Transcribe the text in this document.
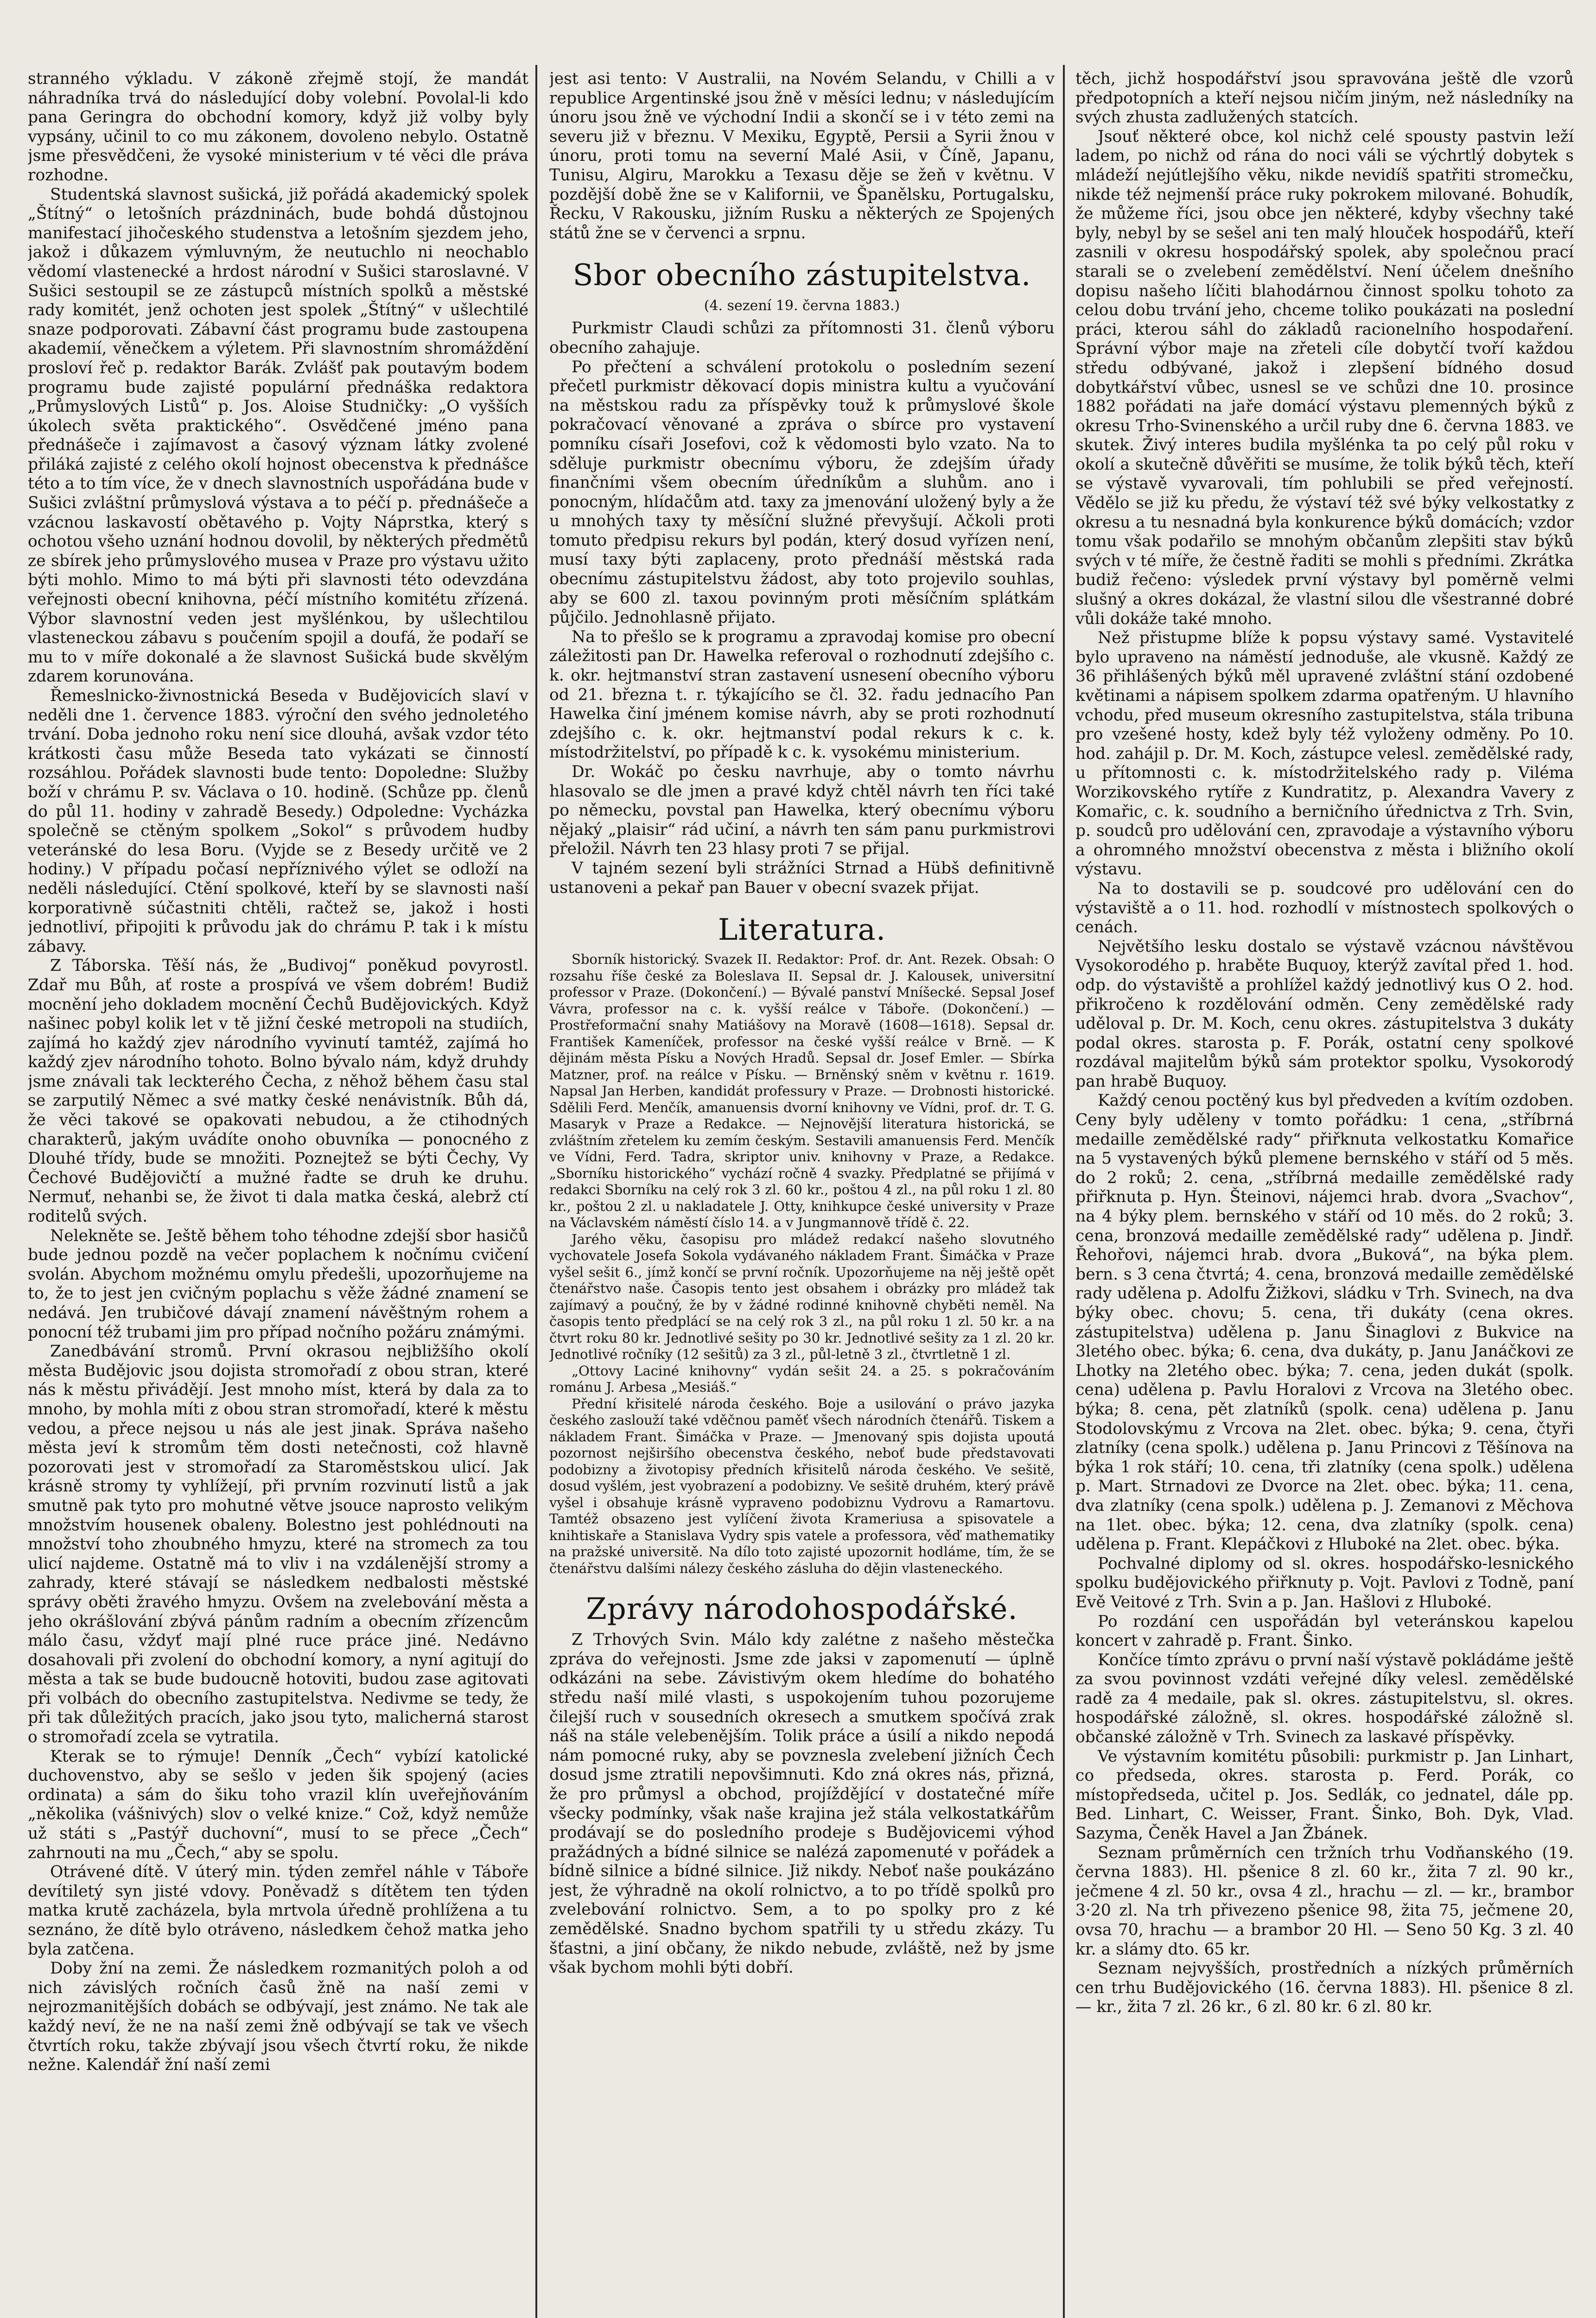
stranného výkladu. V zákoně zřejmě stojí, že mandát náhradníka trvá do následující doby volební. Povolal-li kdo pana Geringra do obchodní komory, když již volby byly vypsány, učinil to co mu zákonem, dovoleno nebylo. Ostatně jsme přesvědčeni, že vysoké ministerium v té věci dle práva rozhodne.

Studentská slavnost sušická, již pořádá akademický spolek „Štítný“ o letošních prázdninách, bude bohdá důstojnou manifestací jihočeského studenstva a letošním sjezdem jeho, jakož i důkazem výmluvným, že neutuchlo ni neochablo vědomí vlastenecké a hrdost národní v Sušici staroslavné. V Sušici sestoupil se ze zástupců místních spolků a městské rady komitét, jenž ochoten jest spolek „Štítný“ v ušlechtilé snaze podporovati. Zábavní část programu bude zastoupena akademií, věnečkem a výletem. Při slavnostním shromáždění prosloví řeč p. redaktor Barák. Zvlášť pak poutavým bodem programu bude zajisté populární přednáška redaktora „Průmyslových Listů“ p. Jos. Aloise Studničky: „O vyšších úkolech světa praktického“. Osvědčené jméno pana přednášeče i zajímavost a časový význam látky zvolené přiláká zajisté z celého okolí hojnost obecenstva k přednášce této a to tím více, že v dnech slavnostních uspořádána bude v Sušici zvláštní průmyslová výstava a to péčí p. přednášeče a vzácnou laskavostí obětavého p. Vojty Náprstka, který s ochotou všeho uznání hodnou dovolil, by některých předmětů ze sbírek jeho průmyslového musea v Praze pro výstavu užito býti mohlo. Mimo to má býti při slavnosti této odevzdána veřejnosti obecní knihovna, péčí místního komitétu zřízená. Výbor slavnostní veden jest myšlénkou, by ušlechtilou vlasteneckou zábavu s poučením spojil a doufá, že podaří se mu to v míře dokonalé a že slavnost Sušická bude skvělým zdarem korunována.

Řemeslnicko-živnostnická Beseda v Budějovicích slaví v neděli dne 1. července 1883. výroční den svého jednoletého trvání. Doba jednoho roku není sice dlouhá, avšak vzdor této krátkosti času může Beseda tato vykázati se činností rozsáhlou. Pořádek slavnosti bude tento: Dopoledne: Služby boží v chrámu P. sv. Václava o 10. hodině. (Schůze pp. členů do půl 11. hodiny v zahradě Besedy.) Odpoledne: Vycházka společně se ctěným spolkem „Sokol“ s průvodem hudby veteránské do lesa Boru. (Vyjde se z Besedy určitě ve 2 hodiny.) V případu počasí nepříznivého výlet se odloží na neděli následující. Ctění spolkové, kteří by se slavnosti naší korporativně súčastniti chtěli, račtež se, jakož i hosti jednotliví, připojiti k průvodu jak do chrámu P. tak i k místu zábavy.

Z Táborska. Těší nás, že „Budivoj“ poněkud povyrostl. Zdař mu Bůh, ať roste a prospívá ve všem dobrém! Budiž mocnění jeho dokladem mocnění Čechů Budějovických. Když našinec pobyl kolik let v tě jižní české metropoli na studiích, zajímá ho každý zjev národního vyvinutí tamtéž, zajímá ho každý zjev národního tohoto. Bolno bývalo nám, když druhdy jsme znávali tak leckterého Čecha, z něhož během času stal se zarputilý Němec a své matky české nenávistník. Bůh dá, že věci takové se opakovati nebudou, a že ctihodných charakterů, jakým uvádíte onoho obuvníka — ponocného z Dlouhé třídy, bude se množiti. Poznejtež se býti Čechy, Vy Čechové Budějovičtí a mužné řadte se druh ke druhu. Nermuť, nehanbi se, že život ti dala matka česká, alebrž ctí roditelů svých.

Nelekněte se. Ještě během toho téhodne zdejší sbor hasičů bude jednou pozdě na večer poplachem k nočnímu cvičení svolán. Abychom možnému omylu předešli, upozorňujeme na to, že to jest jen cvičným poplachu s věže žádné znamení se nedává. Jen trubičové dávají znamení návěštným rohem a ponocní též trubami jim pro případ nočního požáru známými.

Zanedbávání stromů. První okrasou nejbližšího okolí města Budějovic jsou dojista stromořadí z obou stran, které nás k městu přivádějí. Jest mnoho míst, která by dala za to mnoho, by mohla míti z obou stran stromořadí, které k městu vedou, a přece nejsou u nás ale jest jinak. Správa našeho města jeví k stromům těm dosti netečnosti, což hlavně pozorovati jest v stromořadí za Staroměstskou ulicí. Jak krásně stromy ty vyhlížejí, při prvním rozvinutí listů a jak smutně pak tyto pro mohutné větve jsouce naprosto velikým množstvím housenek obaleny. Bolestno jest pohlédnouti na množství toho zhoubného hmyzu, které na stromech za tou ulicí najdeme. Ostatně má to vliv i na vzdálenější stromy a zahrady, které stávají se následkem nedbalosti městské správy oběti žravého hmyzu. Ovšem na zvelebování města a jeho okrášlování zbývá pánům radním a obecním zřízencům málo času, vždyť mají plné ruce práce jiné. Nedávno dosahovali při zvolení do obchodní komory, a nyní agitují do města a tak se bude budoucně hotoviti, budou zase agitovati při volbách do obecního zastupitelstva. Nedivme se tedy, že při tak důležitých pracích, jako jsou tyto, malicherná starost o stromořadí zcela se vytratila.

Kterak se to rýmuje! Denník „Čech“ vybízí katolické duchovenstvo, aby se sešlo v jeden šik spojený (acies ordinata) a sám do šiku toho vrazil klín uveřejňováním „několika (vášnivých) slov o velké knize.“ Což, když nemůže už státi s „Pastýř duchovní“, musí to se přece „Čech“ zahrnouti na mu „Čech,“ aby se spolu.

Otrávené dítě. V úterý min. týden zemřel náhle v Táboře devítiletý syn jisté vdovy. Poněvadž s dítětem ten týden matka krutě zacházela, byla mrtvola úředně prohlížena a tu seznáno, že dítě bylo otráveno, následkem čehož matka jeho byla zatčena.

Doby žní na zemi. Že následkem rozmanitých poloh a od nich závislých ročních časů žně na naší zemi v nejrozmanitějších dobách se odbývají, jest známo. Ne tak ale každý neví, že ne na naší zemi žně odbývají se tak ve všech čtvrtích roku, takže zbývají jsou všech čtvrtí roku, že nikde nežne. Kalendář žní naší zemi

jest asi tento: V Australii, na Novém Selandu, v Chilli a v republice Argentinské jsou žně v měsíci lednu; v následujícím únoru jsou žně ve východní Indii a skončí se i v této zemi na severu již v březnu. V Mexiku, Egyptě, Persii a Syrii žnou v únoru, proti tomu na severní Malé Asii, v Číně, Japanu, Tunisu, Algiru, Marokku a Texasu děje se žeň v květnu. V pozdější době žne se v Kalifornii, ve Španělsku, Portugalsku, Řecku, V Rakousku, jižním Rusku a některých ze Spojených států žne se v červenci a srpnu.

Sbor obecního zástupitelstva.

(4. sezení 19. června 1883.)

Purkmistr Claudi schůzi za přítomnosti 31. členů výboru obecního zahajuje.

Po přečtení a schválení protokolu o posledním sezení přečetl purkmistr děkovací dopis ministra kultu a vyučování na městskou radu za příspěvky touž k průmyslové škole pokračovací věnované a zpráva o sbírce pro vystavení pomníku císaři Josefovi, což k vědomosti bylo vzato. Na to sděluje purkmistr obecnímu výboru, že zdejším úřady finančními všem obecním úředníkům a sluhům. ano i ponocným, hlídačům atd. taxy za jmenování uložený byly a že u mnohých taxy ty měsíční služné převyšují. Ačkoli proti tomuto předpisu rekurs byl podán, který dosud vyřízen není, musí taxy býti zaplaceny, proto přednáší městská rada obecnímu zástupitelstvu žádost, aby toto projevilo souhlas, aby se 600 zl. taxou povinným proti měsíčním splátkám půjčilo. Jednohlasně přijato.

Na to přešlo se k programu a zpravodaj komise pro obecní záležitosti pan Dr. Hawelka referoval o rozhodnutí zdejšího c. k. okr. hejtmanství stran zastavení usnesení obecního výboru od 21. března t. r. týkajícího se čl. 32. řadu jednacího Pan Hawelka činí jménem komise návrh, aby se proti rozhodnutí zdejšího c. k. okr. hejtmanství podal rekurs k c. k. místodržitelství, po případě k c. k. vysokému ministerium.

Dr. Wokáč po česku navrhuje, aby o tomto návrhu hlasovalo se dle jmen a pravé když chtěl návrh ten říci také po německu, povstal pan Hawelka, který obecnímu výboru nějaký „plaisir“ rád učiní, a návrh ten sám panu purkmistrovi přeložil. Návrh ten 23 hlasy proti 7 se přijal.

V tajném sezení byli strážníci Strnad a Hübš definitivně ustanoveni a pekař pan Bauer v obecní svazek přijat.

Literatura.

Sborník historický. Svazek II. Redaktor: Prof. dr. Ant. Rezek. Obsah: O rozsahu říše české za Boleslava II. Sepsal dr. J. Kalousek, universitní professor v Praze. (Dokončení.) — Bývalé panství Mníšecké. Sepsal Josef Vávra, professor na c. k. vyšší reálce v Táboře. (Dokončení.) — Prostřeformační snahy Matiášovy na Moravě (1608—1618). Sepsal dr. František Kameníček, professor na české vyšší reálce v Brně. — K dějinám města Písku a Nových Hradů. Sepsal dr. Josef Emler. — Sbírka Matzner, prof. na reálce v Písku. — Brněnský sněm v květnu r. 1619. Napsal Jan Herben, kandidát professury v Praze. — Drobnosti historické. Sdělili Ferd. Menčík, amanuensis dvorní knihovny ve Vídni, prof. dr. T. G. Masaryk v Praze a Redakce. — Nejnovější literatura historická, se zvláštním zřetelem ku zemím českým. Sestavili amanuensis Ferd. Menčík ve Vídni, Ferd. Tadra, skriptor univ. knihovny v Praze, a Redakce. „Sborníku historického“ vychází ročně 4 svazky. Předplatné se přijímá v redakci Sborníku na celý rok 3 zl. 60 kr., poštou 4 zl., na půl roku 1 zl. 80 kr., poštou 2 zl. u nakladatele J. Otty, knihkupce české university v Praze na Václavském náměstí číslo 14. a v Jungmannově třídě č. 22.

Jarého věku, časopisu pro mládež redakcí našeho slovutného vychovatele Josefa Sokola vydávaného nákladem Frant. Šimáčka v Praze vyšel sešit 6., jímž končí se první ročník. Upozorňujeme na něj ještě opět čtenářstvo naše. Časopis tento jest obsahem i obrázky pro mládež tak zajímavý a poučný, že by v žádné rodinné knihovně chyběti neměl. Na časopis tento předplácí se na celý rok 3 zl., na půl roku 1 zl. 50 kr. a na čtvrt roku 80 kr. Jednotlivé sešity po 30 kr. Jednotlivé sešity za 1 zl. 20 kr. Jednotlivé ročníky (12 sešitů) za 3 zl., půl-letně 3 zl., čtvrtletně 1 zl.

„Ottovy Laciné knihovny“ vydán sešit 24. a 25. s pokračováním románu J. Arbesa „Mesiáš.“

Přední křisitelé národa českého. Boje a usilování o právo jazyka českého zaslouží také vděčnou paměť všech národních čtenářů. Tiskem a nákladem Frant. Šimáčka v Praze. — Jmenovaný spis dojista upoutá pozornost nejširšího obecenstva českého, neboť bude představovati podobizny a životopisy předních křisitelů národa českého. Ve sešitě, dosud vyšlém, jest vyobrazení a podobizny. Ve sešitě druhém, který právě vyšel i obsahuje krásně vypraveno podobiznu Vydrovu a Ramartovu. Tamtéž obsazeno jest vylíčení života Krameriusa a spisovatele a knihtiskaře a Stanislava Vydry spis vatele a professora, věď mathematiky na pražské universitě. Na dílo toto zajisté upozornit hodláme, tím, že se čtenářstvu dalšími nálezy českého zásluha do dějin vlasteneckého.

Zprávy národohospodářské.

Z Trhových Svin. Málo kdy zalétne z našeho městečka zpráva do veřejnosti. Jsme zde jaksi v zapomenutí — úplně odkázáni na sebe. Závistivým okem hledíme do bohatého středu naší milé vlasti, s uspokojením tuhou pozorujeme čilejší ruch v sousedních okresech a smutkem spočívá zrak náš na stále velebenějším. Tolik práce a úsilí a nikdo nepodá nám pomocné ruky, aby se povznesla zvelebení jižních Čech dosud jsme ztratili nepovšimnuti. Kdo zná okres nás, přizná, že pro průmysl a obchod, projíždějící v dostatečné míře všecky podmínky, však naše krajina jež stála velkostatkářům prodávají se do posledního prodeje s Budějovicemi výhod pražádných a bídné silnice se nalézá zapomenuté v pořádek a bídně silnice a bídné silnice. Již nikdy. Neboť naše poukázáno jest, že výhradně na okolí rolnictvo, a to po třídě spolků pro zvelebování rolnictvo. Sem, a to po spolky pro z ké zemědělské. Snadno bychom spatřili ty u středu zkázy. Tu šťastni, a jiní občany, že nikdo nebude, zvláště, než by jsme však bychom mohli býti dobří.

těch, jichž hospodářství jsou spravována ještě dle vzorů předpotopních a kteří nejsou ničím jiným, než následníky na svých zhusta zadlužených statcích.

Jsouť některé obce, kol nichž celé spousty pastvin leží ladem, po nichž od rána do noci váli se výchrtlý dobytek s mládeží nejútlejšího věku, nikde nevidíš spatřiti stromečku, nikde též nejmenší práce ruky pokrokem milované. Bohudík, že můžeme říci, jsou obce jen některé, kdyby všechny také byly, nebyl by se sešel ani ten malý hlouček hospodářů, kteří zasnili v okresu hospodářský spolek, aby společnou prací starali se o zvelebení zemědělství. Není účelem dnešního dopisu našeho líčiti blahodárnou činnost spolku tohoto za celou dobu trvání jeho, chceme toliko poukázati na poslední práci, kterou sáhl do základů racionelního hospodaření. Správní výbor maje na zřeteli cíle dobytčí tvoří každou středu odbývané, jakož i zlepšení bídného dosud dobytkářství vůbec, usnesl se ve schůzi dne 10. prosince 1882 pořádati na jaře domácí výstavu plemenných býků z okresu Trho-Svinenského a určil ruby dne 6. června 1883. ve skutek. Živý interes budila myšlénka ta po celý půl roku v okolí a skutečně důvěřiti se musíme, že tolik býků těch, kteří se výstavě vyvarovali, tím pohlubili se před veřejností. Vědělo se již ku předu, že výstaví též své býky velkostatky z okresu a tu nesnadná byla konkurence býků domácích; vzdor tomu však podařilo se mnohým občanům zlepšiti stav býků svých v té míře, že čestně řaditi se mohli s předními. Zkrátka budiž řečeno: výsledek první výstavy byl poměrně velmi slušný a okres dokázal, že vlastní silou dle všestranné dobré vůli dokáže také mnoho.

Než přistupme blíže k popsu výstavy samé. Vystavitelé bylo upraveno na náměstí jednoduše, ale vkusně. Každý ze 36 přihlášených býků měl upravené zvláštní stání ozdobené květinami a nápisem spolkem zdarma opatřeným. U hlavního vchodu, před museum okresního zastupitelstva, stála tribuna pro vzešené hosty, kdež byly též vyloženy odměny. Po 10. hod. zahájil p. Dr. M. Koch, zástupce velesl. zemědělské rady, u přítomnosti c. k. místodržitelského rady p. Viléma Worzikovského rytíře z Kundratitz, p. Alexandra Vavery z Komařic, c. k. soudního a berničního úřednictva z Trh. Svin, p. soudců pro udělování cen, zpravodaje a výstavního výboru a ohromného množství obecenstva z města i bližního okolí výstavu.

Na to dostavili se p. soudcové pro udělování cen do výstaviště a o 11. hod. rozhodlí v místnostech spolkových o cenách.

Největšího lesku dostalo se výstavě vzácnou návštěvou Vysokorodého p. hraběte Buquoy, kterýž zavítal před 1. hod. odp. do výstaviště a prohlížel každý jednotlivý kus O 2. hod. přikročeno k rozdělování odměn. Ceny zemědělské rady uděloval p. Dr. M. Koch, cenu okres. zástupitelstva 3 dukáty podal okres. starosta p. F. Porák, ostatní ceny spolkové rozdával majitelům býků sám protektor spolku, Vysokorodý pan hrabě Buquoy.

Každý cenou poctěný kus byl předveden a kvítím ozdoben. Ceny byly uděleny v tomto pořádku: 1 cena, „stříbrná medaille zemědělské rady“ přiřknuta velkostatku Komařice na 5 vystavených býků plemene bernského v stáří od 5 měs. do 2 roků; 2. cena, „stříbrná medaille zemědělské rady přiřknuta p. Hyn. Šteinovi, nájemci hrab. dvora „Svachov“, na 4 býky plem. bernského v stáří od 10 měs. do 2 roků; 3. cena, bronzová medaille zemědělské rady“ udělena p. Jindř. Řehořovi, nájemci hrab. dvora „Buková“, na býka plem. bern. s 3 cena čtvrtá; 4. cena, bronzová medaille zemědělské rady udělena p. Adolfu Žižkovi, sládku v Trh. Svinech, na dva býky obec. chovu; 5. cena, tři dukáty (cena okres. zástupitelstva) udělena p. Janu Šinaglovi z Bukvice na 3letého obec. býka; 6. cena, dva dukáty, p. Janu Janáčkovi ze Lhotky na 2letého obec. býka; 7. cena, jeden dukát (spolk. cena) udělena p. Pavlu Horalovi z Vrcova na 3letého obec. býka; 8. cena, pět zlatníků (spolk. cena) udělena p. Janu Stodolovskýmu z Vrcova na 2let. obec. býka; 9. cena, čtyři zlatníky (cena spolk.) udělena p. Janu Princovi z Těšínova na býka 1 rok stáří; 10. cena, tři zlatníky (cena spolk.) udělena p. Mart. Strnadovi ze Dvorce na 2let. obec. býka; 11. cena, dva zlatníky (cena spolk.) udělena p. J. Zemanovi z Měchova na 1let. obec. býka; 12. cena, dva zlatníky (spolk. cena) udělena p. Frant. Klepáčkovi z Hluboké na 2let. obec. býka.

Pochvalné diplomy od sl. okres. hospodářsko-lesnického spolku budějovického přiřknuty p. Vojt. Pavlovi z Todně, paní Evě Veitové z Trh. Svin a p. Jan. Hašlovi z Hluboké.

Po rozdání cen uspořádán byl veteránskou kapelou koncert v zahradě p. Frant. Šinko.

Končíce tímto zprávu o první naší výstavě pokládáme ještě za svou povinnost vzdáti veřejné díky velesl. zemědělské radě za 4 medaile, pak sl. okres. zástupitelstvu, sl. okres. hospodářské záložně, sl. okres. hospodářské záložně sl. občanské záložně v Trh. Svinech za laskavé příspěvky.

Ve výstavním komitétu působili: purkmistr p. Jan Linhart, co předseda, okres. starosta p. Ferd. Porák, co místopředseda, učitel p. Jos. Sedlák, co jednatel, dále pp. Bed. Linhart, C. Weisser, Frant. Šinko, Boh. Dyk, Vlad. Sazyma, Čeněk Havel a Jan Žbánek.

Seznam průměrních cen tržních trhu Vodňanského (19. června 1883). Hl. pšenice 8 zl. 60 kr., žita 7 zl. 90 kr., ječmene 4 zl. 50 kr., ovsa 4 zl., hrachu — zl. — kr., brambor 3·20 zl. Na trh přivezeno pšenice 98, žita 75, ječmene 20, ovsa 70, hrachu — a brambor 20 Hl. — Seno 50 Kg. 3 zl. 40 kr. a slámy dto. 65 kr.

Seznam nejvyšších, prostředních a nízkých průměrních cen trhu Budějovického (16. června 1883). Hl. pšenice 8 zl. — kr., žita 7 zl. 26 kr., 6 zl. 80 kr. 6 zl. 80 kr.
